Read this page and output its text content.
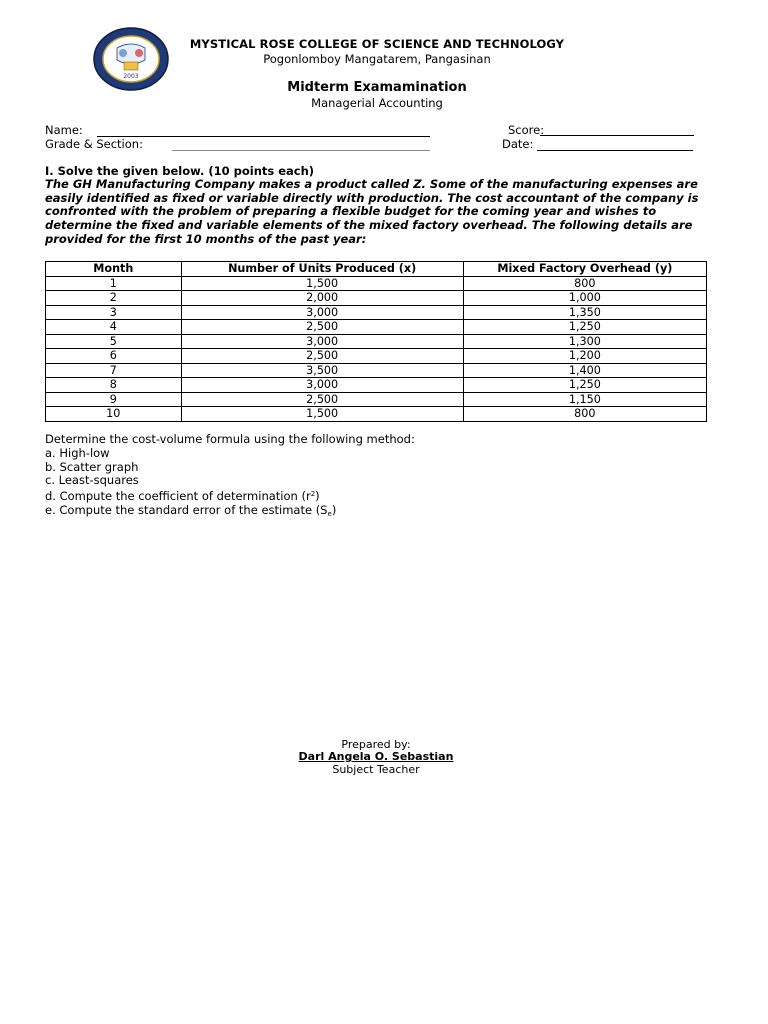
2003
MYSTICAL ROSE COLLEGE OF SCIENCE AND TECHNOLOGY
Pogonlomboy Mangatarem, Pangasinan
Midterm Examamination
Managerial Accounting
Name:
Grade & Section:
Score:
Date:
I. Solve the given below. (10 points each)
The GH Manufacturing Company makes a product called Z. Some of the manufacturing expenses are easily identified as fixed or variable directly with production. The cost accountant of the company is confronted with the problem of preparing a flexible budget for the coming year and wishes to determine the fixed and variable elements of the mixed factory overhead. The following details are provided for the first 10 months of the past year:
Month	Number of Units Produced (x)	Mixed Factory Overhead (y)
1	1,500	800
2	2,000	1,000
3	3,000	1,350
4	2,500	1,250
5	3,000	1,300
6	2,500	1,200
7	3,500	1,400
8	3,000	1,250
9	2,500	1,150
10	1,500	800
Determine the cost-volume formula using the following method:
a. High-low
b. Scatter graph
c. Least-squares
d. Compute the coefficient of determination $(r^2)$
e. Compute the standard error of the estimate $(S_e)$
Prepared by:
Darl Angela O. Sebastian
Subject Teacher
